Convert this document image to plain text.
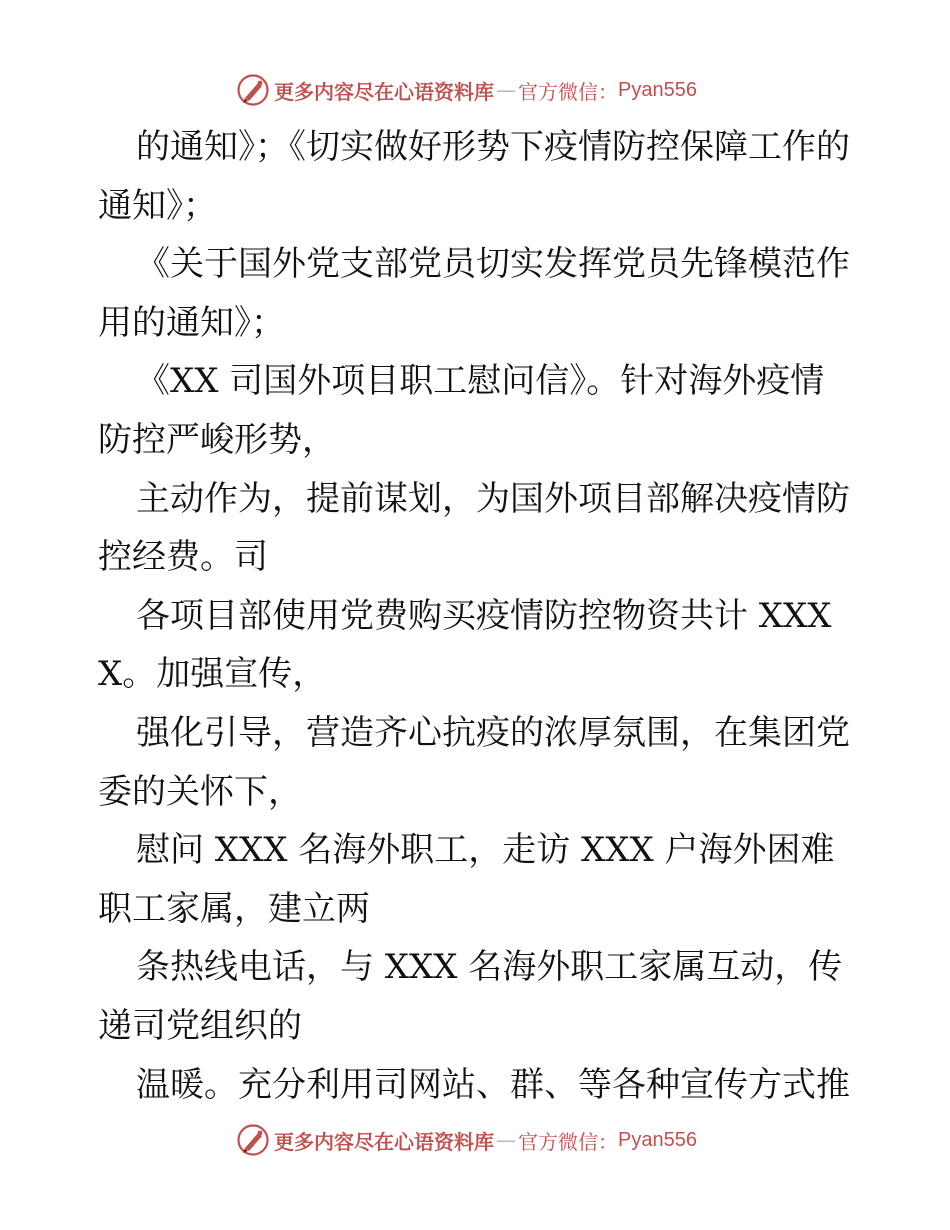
更多内容尽在心语资料库 — 官方微信： Pyan556

的通知》；《切实做好形势下疫情防控保障工作的通知》；

《关于国外党支部党员切实发挥党员先锋模范作用的通知》；

《XX 司国外项目职工慰问信》。针对海外疫情防控严峻形势，

主动作为，提前谋划，为国外项目部解决疫情防控经费。司

各项目部使用党费购买疫情防控物资共计 XXXX。加强宣传，

强化引导，营造齐心抗疫的浓厚氛围，在集团党委的关怀下，

慰问 XXX 名海外职工，走访 XXX 户海外困难职工家属，建立两

条热线电话，与 XXX 名海外职工家属互动，传递司党组织的

温暖。充分利用司网站、群、等各种宣传方式推

更多内容尽在心语资料库 — 官方微信： Pyan556
